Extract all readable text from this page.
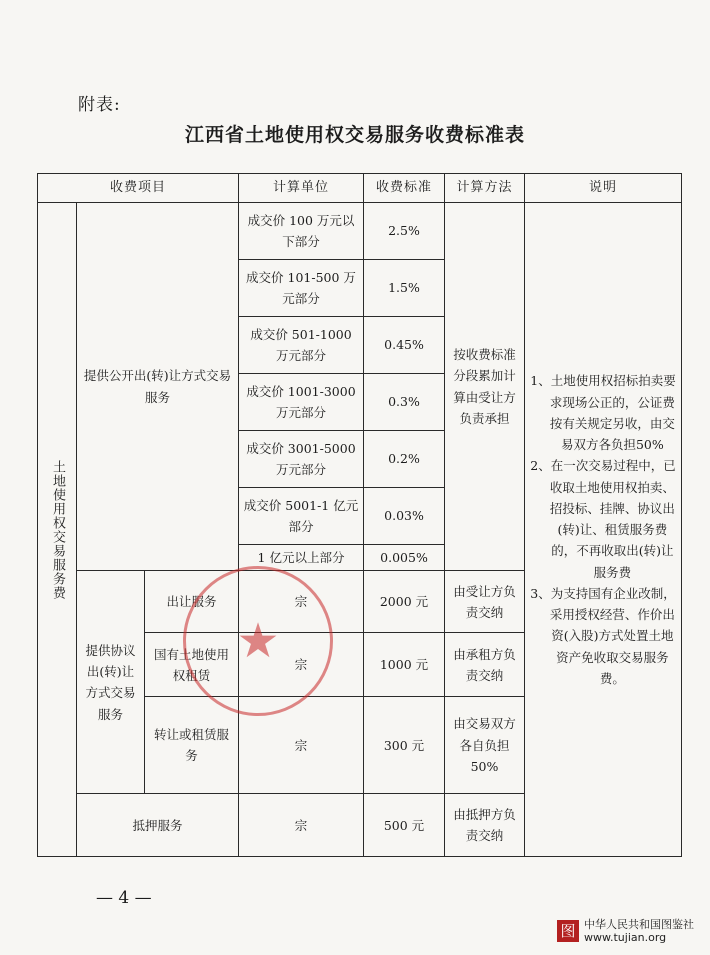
附表:
江西省土地使用权交易服务收费标准表
收费项目			计算单位	收费标准	计算方法	说明

土地使用权交易服务费	提供公开出(转)让方式交易服务		成交价 100 万元以下部分	2.5%	按收费标准分段累加计算由受让方负责承担	1、土地使用权招标拍卖要求现场公正的，公证费按有关规定另收，由交易双方各负担50%
2、在一次交易过程中，已收取土地使用权拍卖、招投标、挂牌、协议出(转)让、租赁服务费的，不再收取出(转)让服务费
3、为支持国有企业改制，采用授权经营、作价出资(入股)方式处置土地资产免收取交易服务费。

			成交价 101-500 万元部分	1.5%		
			成交价 501-1000 万元部分	0.45%		
			成交价 1001-3000 万元部分	0.3%		
			成交价 3001-5000 万元部分	0.2%		
			成交价 5001-1 亿元部分	0.03%		
			1 亿元以上部分	0.005%		
	提供协议出(转)让方式交易服务	出让服务	宗	2000 元	由受让方负责交纳	
		国有土地使用权租赁	宗	1000 元	由承租方负责交纳	
		转让或租赁服务	宗	300 元	由交易双方各自负担50%	
	抵押服务		宗	500 元	由抵押方负责交纳	
★
— 4 —
图 中华人民共和国图鉴社
www.tujian.org
